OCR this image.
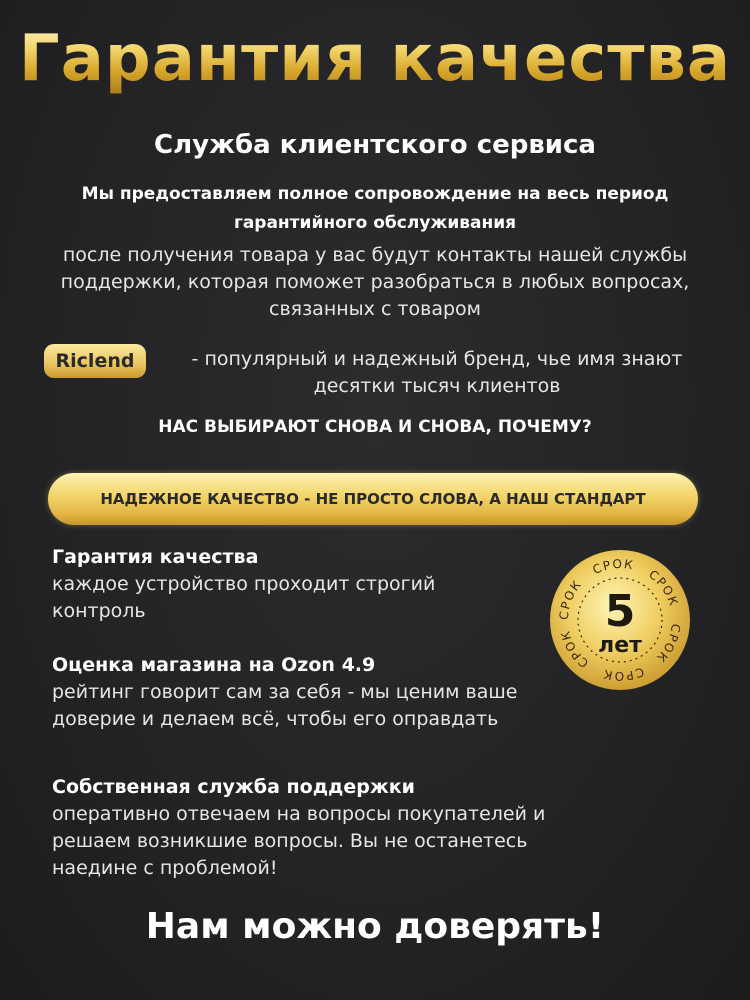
Гарантия качества
Служба клиентского сервиса
Мы предоставляем полное сопровождение на весь период гарантийного обслуживания
после получения товара у вас будут контакты нашей службы поддержки, которая поможет разобраться в любых вопросах, связанных с товаром
Riclend	- популярный и надежный бренд, чье имя знают десятки тысяч клиентов
НАС ВЫБИРАЮТ СНОВА И СНОВА, ПОЧЕМУ?
НАДЕЖНОЕ КАЧЕСТВО - НЕ ПРОСТО СЛОВА, А НАШ СТАНДАРТ
Гарантия качества
каждое устройство проходит строгий контроль
Оценка магазина на Ozon 4.9
рейтинг говорит сам за себя - мы ценим ваше доверие и делаем всё, чтобы его оправдать
Собственная служба поддержки
оперативно отвечаем на вопросы покупателей и решаем возникшие вопросы. Вы не останетесь наедине с проблемой!
СРОК
СРОК
СРОК
СРОК
СРОК
СРОК 5
лет
Нам можно доверять!
